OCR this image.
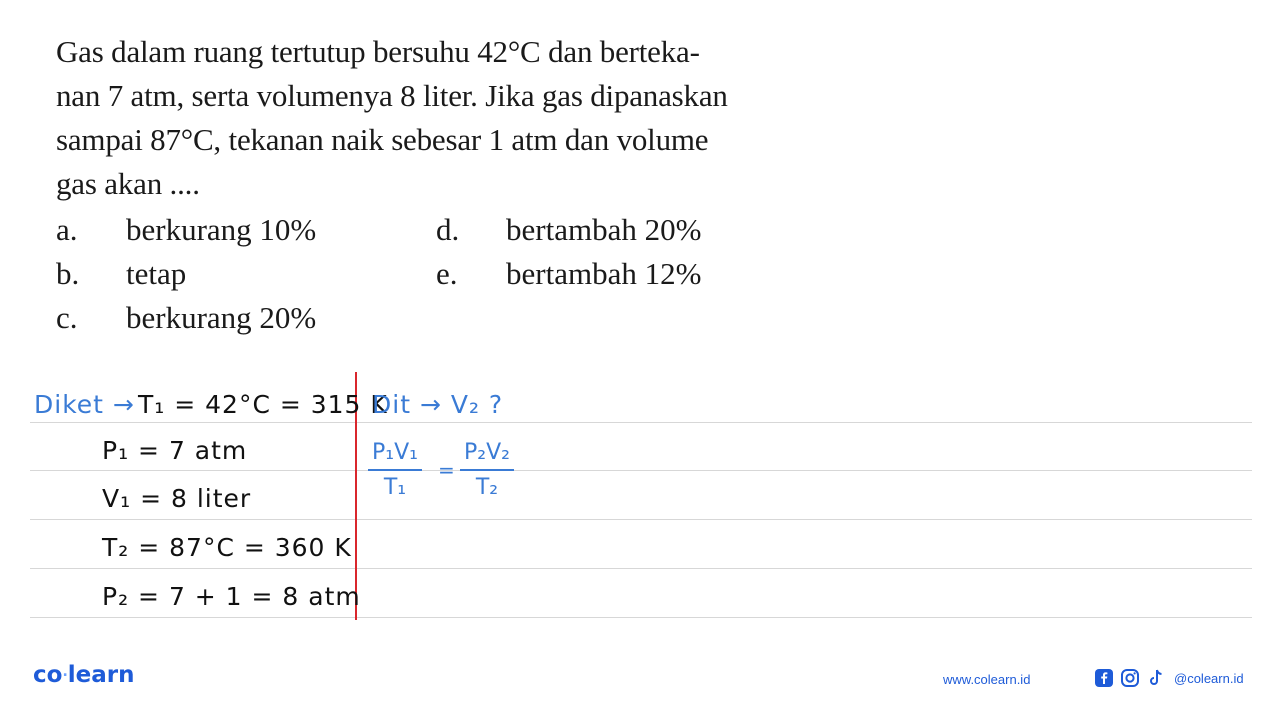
Gas dalam ruang tertutup bersuhu 42°C dan berteka-

nan 7 atm, serta volumenya 8 liter. Jika gas dipanaskan

sampai 87°C, tekanan naik sebesar 1 atm dan volume

gas akan ....

a. berkurang 10%
b. tetap
c. berkurang 20%
d. bertambah 20%
e. bertambah 12%
Diket → T₁ = 42°C = 315 K
P₁ = 7 atm
V₁ = 8 liter
T₂ = 87°C = 360 K
P₂ = 7 + 1 = 8 atm
Dit → V₂ ?
P₁V₁
T₁
=
P₂V₂
T₂
co·learn	www.colearn.id	@colearn.id
